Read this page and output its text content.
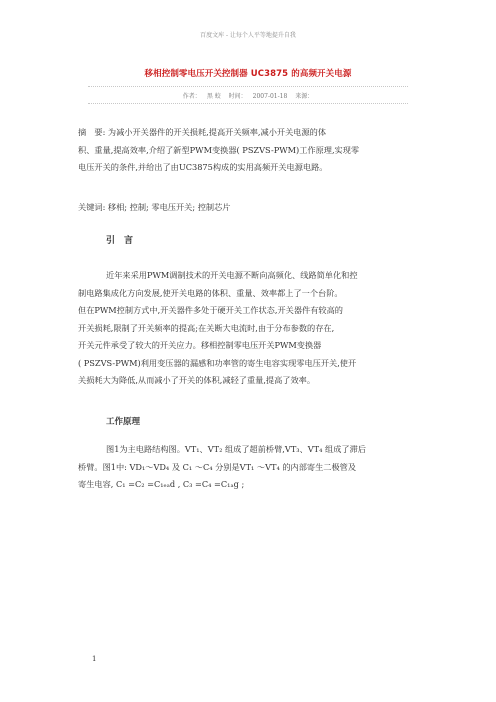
百度文库 - 让每个人平等地提升自我
移相控制零电压开关控制器 UC3875 的高频开关电源
作者： 黑 蛟 时间： 2007-01-18 来源：
摘　要: 为减小开关器件的开关损耗,提高开关频率,减小开关电源的体
积、重量,提高效率,介绍了新型PWM变换器( PSZVS-PWM)工作原理,实现零
电压开关的条件,并给出了由UC3875构成的实用高频开关电源电路。
关键词: 移相; 控制; 零电压开关; 控制芯片
引　言
近年来采用PWM调制技术的开关电源不断向高频化、线路简单化和控
制电路集成化方向发展,使开关电路的体积、重量、效率都上了一个台阶。
但在PWM控制方式中,开关器件多处于硬开关工作状态,开关器件有较高的
开关损耗,限制了开关频率的提高;在关断大电流时,由于分布参数的存在,
开关元件承受了较大的开关应力。移相控制零电压开关PWM变换器
( PSZVS-PWM)利用变压器的漏感和功率管的寄生电容实现零电压开关,使开
关损耗大为降低,从而减小了开关的体积,减轻了重量,提高了效率。
工作原理
图1为主电路结构图。VT₁、VT₂ 组成了超前桥臂,VT₃、VT₄ 组成了滞后
桥臂。图1中: VD₁～VD₄ 及 C₁ ～C₄ 分别是VT₁ ～VT₄ 的内部寄生二极管及
寄生电容, C₁ =C₂ =C₁ₑₐd , C₃ =C₄ =C₁ₐg ;
1
